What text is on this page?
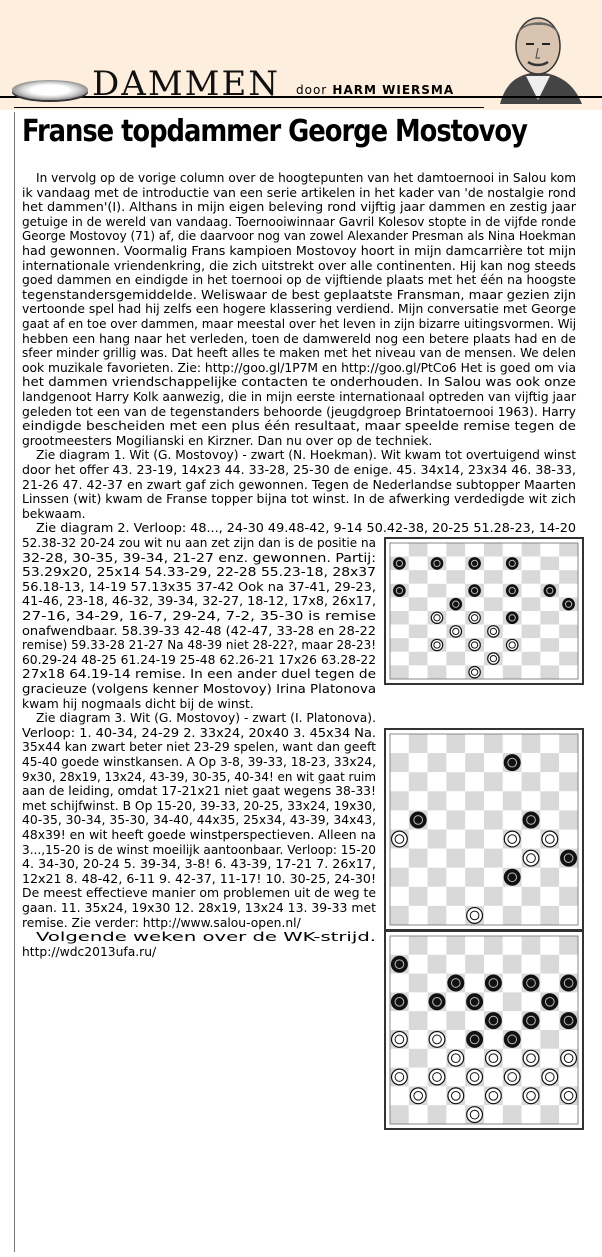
DAMMEN door HARM WIERSMA
Franse topdammer George Mostovoy
In vervolg op de vorige column over de hoogtepunten van het damtoernooi in Salou kom
ik vandaag met de introductie van een serie artikelen in het kader van 'de nostalgie rond
het dammen'(I). Althans in mijn eigen beleving rond vijftig jaar dammen en zestig jaar
getuige in de wereld van vandaag. Toernooiwinnaar Gavril Kolesov stopte in de vijfde ronde
George Mostovoy (71) af, die daarvoor nog van zowel Alexander Presman als Nina Hoekman
had gewonnen. Voormalig Frans kampioen Mostovoy hoort in mijn damcarrière tot mijn
internationale vriendenkring, die zich uitstrekt over alle continenten. Hij kan nog steeds
goed dammen en eindigde in het toernooi op de vijftiende plaats met het één na hoogste
tegenstandersgemiddelde. Weliswaar de best geplaatste Fransman, maar gezien zijn
vertoonde spel had hij zelfs een hogere klassering verdiend. Mijn conversatie met George
gaat af en toe over dammen, maar meestal over het leven in zijn bizarre uitingsvormen. Wij
hebben een hang naar het verleden, toen de damwereld nog een betere plaats had en de
sfeer minder grillig was. Dat heeft alles te maken met het niveau van de mensen. We delen
ook muzikale favorieten. Zie: http://goo.gl/1P7M en http://goo.gl/PtCo6 Het is goed om via
het dammen vriendschappelijke contacten te onderhouden. In Salou was ook onze
landgenoot Harry Kolk aanwezig, die in mijn eerste internationaal optreden van vijftig jaar
geleden tot een van de tegenstanders behoorde (jeugdgroep Brintatoernooi 1963). Harry
eindigde bescheiden met een plus één resultaat, maar speelde remise tegen de
grootmeesters Mogilianski en Kirzner. Dan nu over op de techniek.
Zie diagram 1. Wit (G. Mostovoy) - zwart (N. Hoekman). Wit kwam tot overtuigend winst
door het offer 43. 23-19, 14x23 44. 33-28, 25-30 de enige. 45. 34x14, 23x34 46. 38-33,
21-26 47. 42-37 en zwart gaf zich gewonnen. Tegen de Nederlandse subtopper Maarten
Linssen (wit) kwam de Franse topper bijna tot winst. In de afwerking verdedigde wit zich
bekwaam.
Zie diagram 2. Verloop: 48..., 24-30 49.48-42, 9-14 50.42-38, 20-25 51.28-23, 14-20
52.38-32 20-24 zou wit nu aan zet zijn dan is de positie na
32-28, 30-35, 39-34, 21-27 enz. gewonnen. Partij:
53.29x20, 25x14 54.33-29, 22-28 55.23-18, 28x37
56.18-13, 14-19 57.13x35 37-42 Ook na 37-41, 29-23,
41-46, 23-18, 46-32, 39-34, 32-27, 18-12, 17x8, 26x17,
27-16, 34-29, 16-7, 29-24, 7-2, 35-30 is remise
onafwendbaar. 58.39-33 42-48 (42-47, 33-28 en 28-22
remise) 59.33-28 21-27 Na 48-39 niet 28-22?, maar 28-23!
60.29-24 48-25 61.24-19 25-48 62.26-21 17x26 63.28-22
27x18 64.19-14 remise. In een ander duel tegen de
gracieuze (volgens kenner Mostovoy) Irina Platonova
kwam hij nogmaals dicht bij de winst.
Zie diagram 3. Wit (G. Mostovoy) - zwart (I. Platonova).
Verloop: 1. 40-34, 24-29 2. 33x24, 20x40 3. 45x34 Na.
35x44 kan zwart beter niet 23-29 spelen, want dan geeft
45-40 goede winstkansen. A Op 3-8, 39-33, 18-23, 33x24,
9x30, 28x19, 13x24, 43-39, 30-35, 40-34! en wit gaat ruim
aan de leiding, omdat 17-21x21 niet gaat wegens 38-33!
met schijfwinst. B Op 15-20, 39-33, 20-25, 33x24, 19x30,
40-35, 30-34, 35-30, 34-40, 44x35, 25x34, 43-39, 34x43,
48x39! en wit heeft goede winstperspectieven. Alleen na
3...,15-20 is de winst moeilijk aantoonbaar. Verloop: 15-20
4. 34-30, 20-24 5. 39-34, 3-8! 6. 43-39, 17-21 7. 26x17,
12x21 8. 48-42, 6-11 9. 42-37, 11-17! 10. 30-25, 24-30!
De meest effectieve manier om problemen uit de weg te
gaan. 11. 35x24, 19x30 12. 28x19, 13x24 13. 39-33 met
remise. Zie verder: http://www.salou-open.nl/
Volgende weken over de WK-strijd.
http://wdc2013ufa.ru/
